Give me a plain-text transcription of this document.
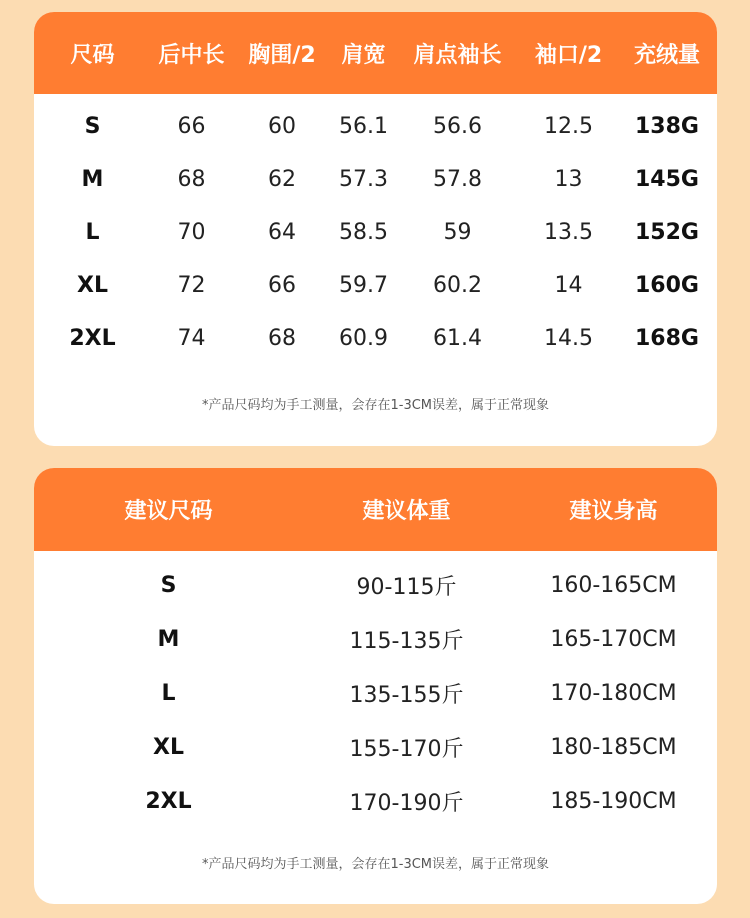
尺码	后中长	胸围/2	肩宽	肩点袖长	袖口/2	充绒量
S	66	60	56.1	56.6	12.5	138G
M	68	62	57.3	57.8	13	145G
L	70	64	58.5	59	13.5	152G
XL	72	66	59.7	60.2	14	160G
2XL	74	68	60.9	61.4	14.5	168G
*产品尺码均为手工测量，会存在1-3CM误差，属于正常现象
建议尺码	建议体重	建议身高
S	90-115斤	160-165CM
M	115-135斤	165-170CM
L	135-155斤	170-180CM
XL	155-170斤	180-185CM
2XL	170-190斤	185-190CM
*产品尺码均为手工测量，会存在1-3CM误差，属于正常现象
